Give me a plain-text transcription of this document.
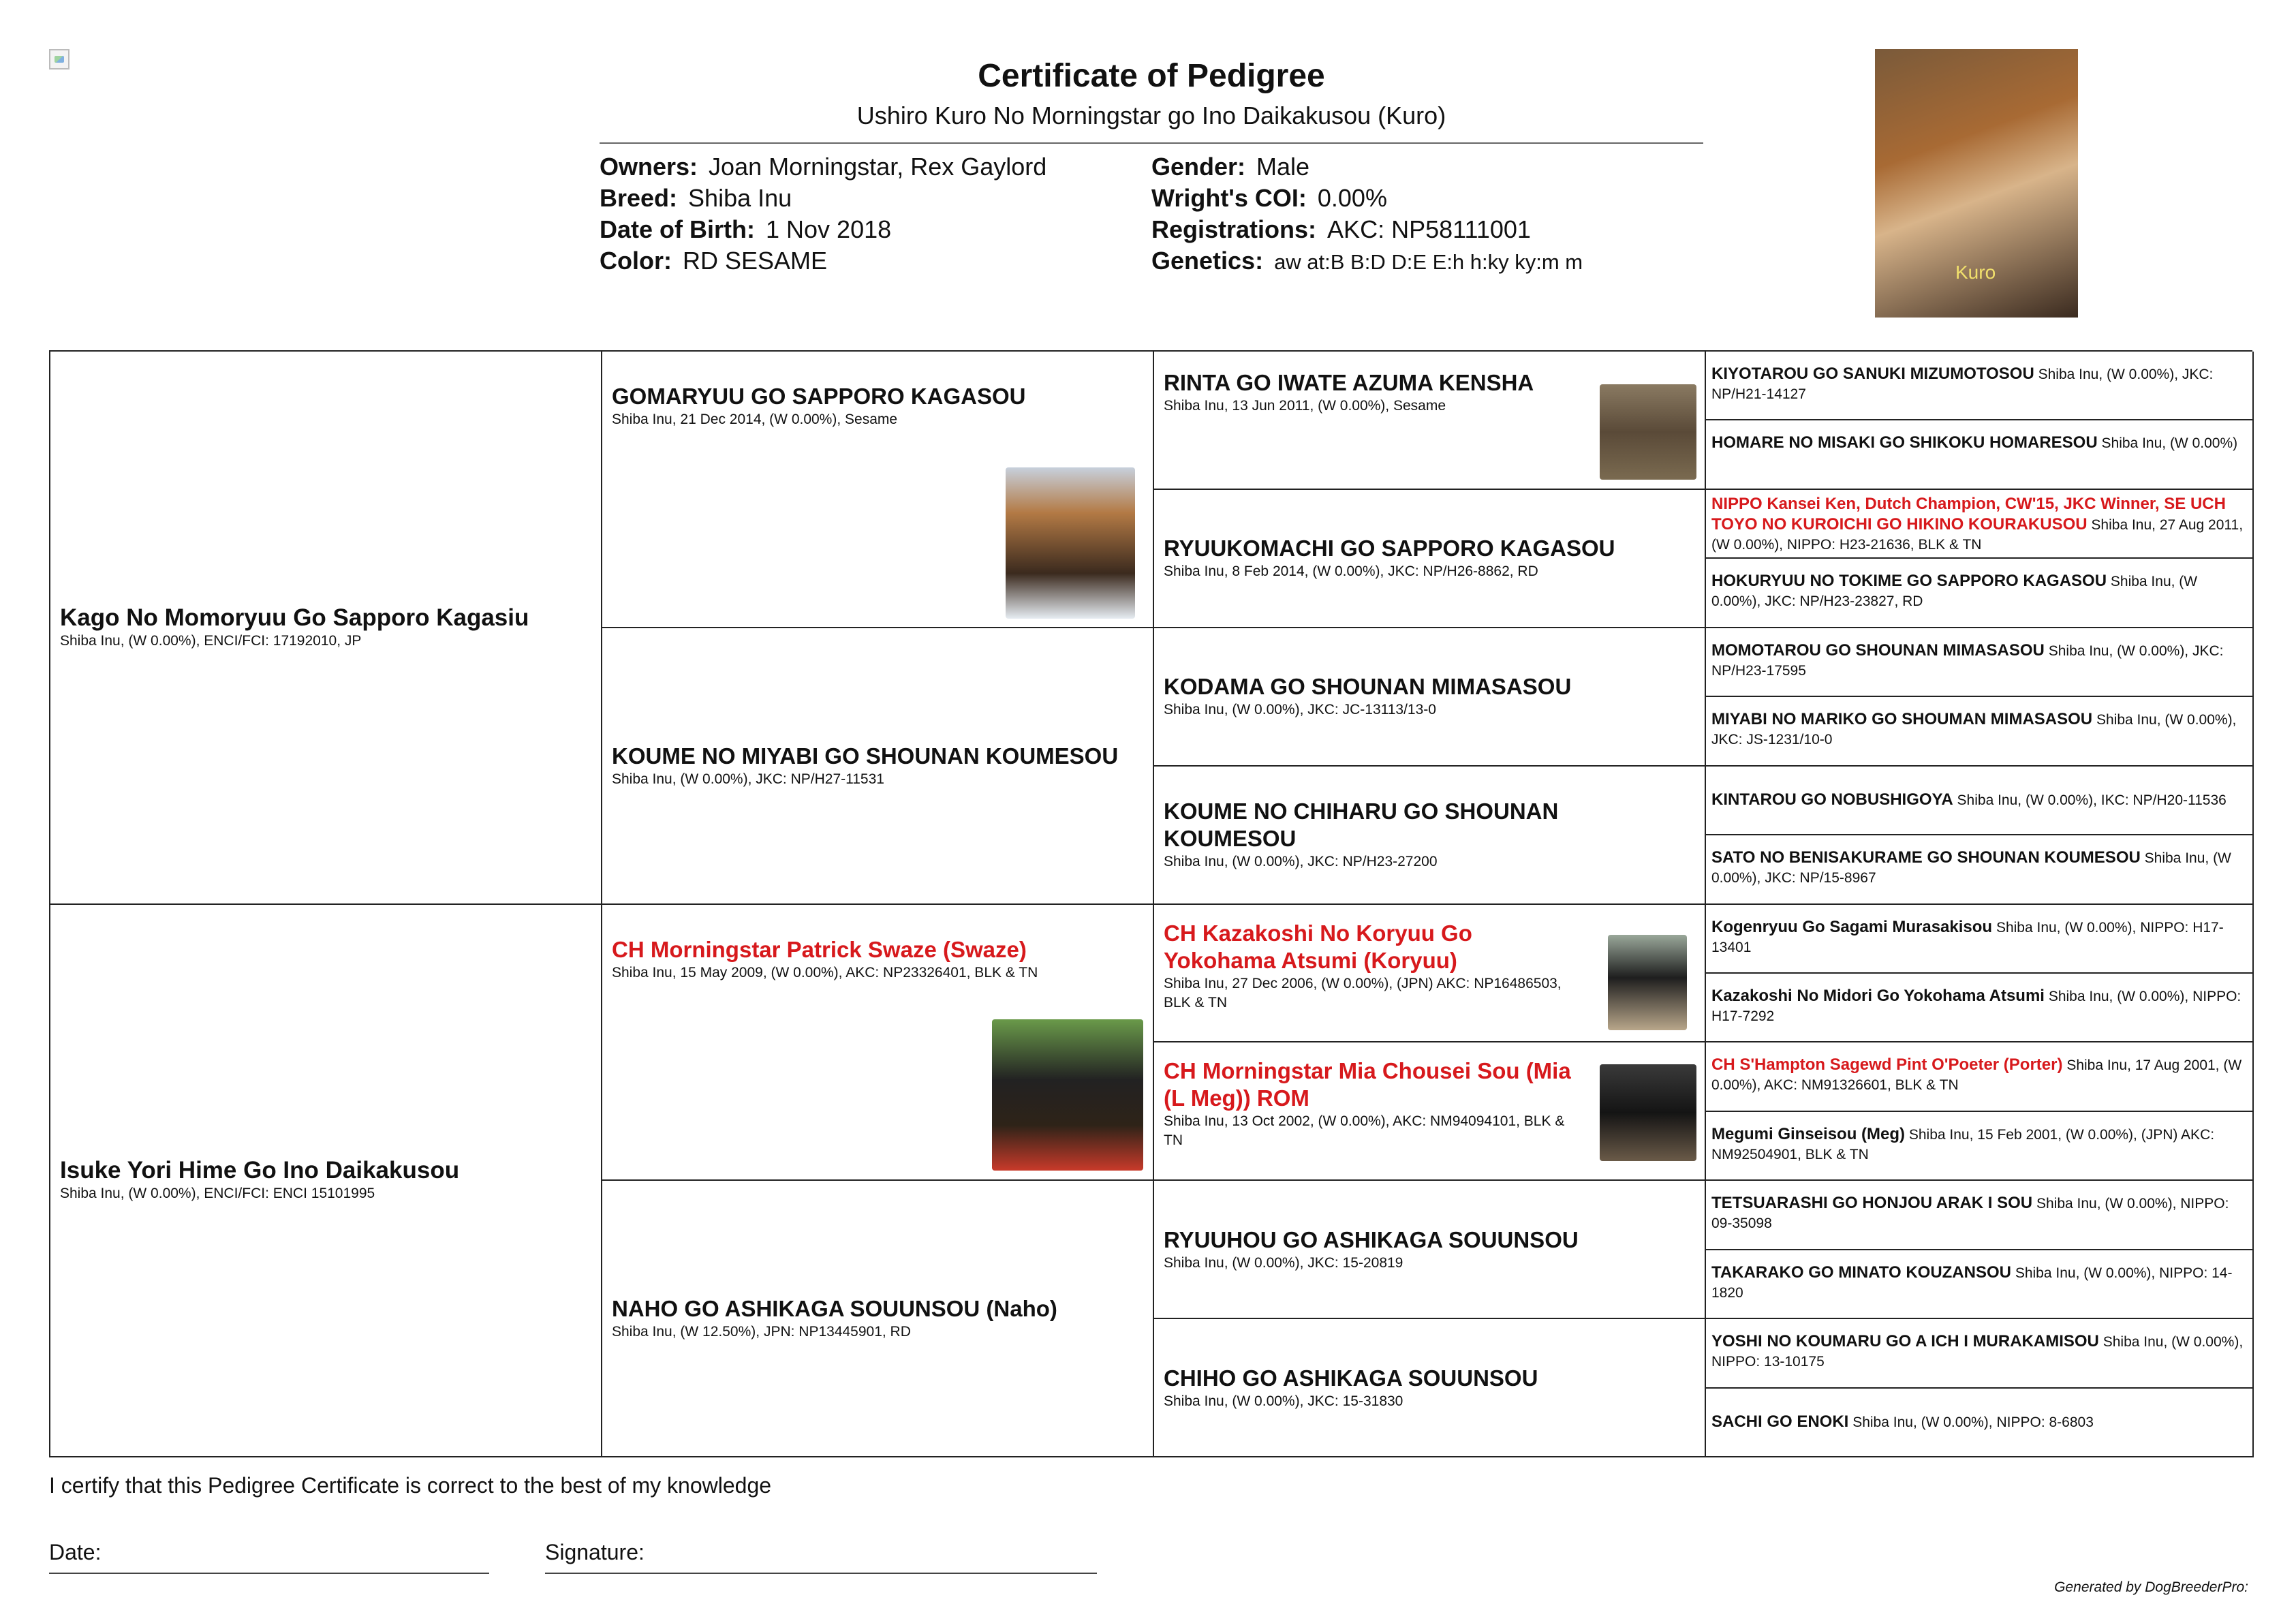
Certificate of Pedigree
Ushiro Kuro No Morningstar go Ino Daikakusou (Kuro)
Owners: Joan Morningstar, Rex Gaylord
Breed: Shiba Inu
Date of Birth: 1 Nov 2018
Color: RD SESAME
Gender: Male
Wright's COI: 0.00%
Registrations: AKC: NP58111001
Genetics: aw at:B B:D D:E E:h h:ky ky:m m	Kuro
Kago No Momoryuu Go Sapporo Kagasiu
Shiba Inu, (W 0.00%), ENCI/FCI: 17192010, JP
Isuke Yori Hime Go Ino Daikakusou
Shiba Inu, (W 0.00%), ENCI/FCI: ENCI 15101995
GOMARYUU GO SAPPORO KAGASOU
Shiba Inu, 21 Dec 2014, (W 0.00%), Sesame
KOUME NO MIYABI GO SHOUNAN KOUMESOU
Shiba Inu, (W 0.00%), JKC: NP/H27-11531
CH Morningstar Patrick Swaze (Swaze)
Shiba Inu, 15 May 2009, (W 0.00%), AKC: NP23326401, BLK & TN
NAHO GO ASHIKAGA SOUUNSOU (Naho)
Shiba Inu, (W 12.50%), JPN: NP13445901, RD
RINTA GO IWATE AZUMA KENSHA
Shiba Inu, 13 Jun 2011, (W 0.00%), Sesame
RYUUKOMACHI GO SAPPORO KAGASOU
Shiba Inu, 8 Feb 2014, (W 0.00%), JKC: NP/H26-8862, RD
KODAMA GO SHOUNAN MIMASASOU
Shiba Inu, (W 0.00%), JKC: JC-13113/13-0
KOUME NO CHIHARU GO SHOUNAN KOUMESOU
Shiba Inu, (W 0.00%), JKC: NP/H23-27200
CH Kazakoshi No Koryuu Go Yokohama Atsumi (Koryuu)
Shiba Inu, 27 Dec 2006, (W 0.00%), (JPN) AKC: NP16486503, BLK & TN
CH Morningstar Mia Chousei Sou (Mia (L Meg)) ROM
Shiba Inu, 13 Oct 2002, (W 0.00%), AKC: NM94094101, BLK & TN
RYUUHOU GO ASHIKAGA SOUUNSOU
Shiba Inu, (W 0.00%), JKC: 15-20819
CHIHO GO ASHIKAGA SOUUNSOU
Shiba Inu, (W 0.00%), JKC: 15-31830
KIYOTAROU GO SANUKI MIZUMOTOSOU Shiba Inu, (W 0.00%), JKC: NP/H21-14127
HOMARE NO MISAKI GO SHIKOKU HOMARESOU Shiba Inu, (W 0.00%)
NIPPO Kansei Ken, Dutch Champion, CW'15, JKC Winner, SE UCH TOYO NO KUROICHI GO HIKINO KOURAKUSOU Shiba Inu, 27 Aug 2011, (W 0.00%), NIPPO: H23-21636, BLK & TN
HOKURYUU NO TOKIME GO SAPPORO KAGASOU Shiba Inu, (W 0.00%), JKC: NP/H23-23827, RD
MOMOTAROU GO SHOUNAN MIMASASOU Shiba Inu, (W 0.00%), JKC: NP/H23-17595
MIYABI NO MARIKO GO SHOUMAN MIMASASOU Shiba Inu, (W 0.00%), JKC: JS-1231/10-0
KINTAROU GO NOBUSHIGOYA Shiba Inu, (W 0.00%), IKC: NP/H20-11536
SATO NO BENISAKURAME GO SHOUNAN KOUMESOU Shiba Inu, (W 0.00%), JKC: NP/15-8967
Kogenryuu Go Sagami Murasakisou Shiba Inu, (W 0.00%), NIPPO: H17-13401
Kazakoshi No Midori Go Yokohama Atsumi Shiba Inu, (W 0.00%), NIPPO: H17-7292
CH S'Hampton Sagewd Pint O'Poeter (Porter) Shiba Inu, 17 Aug 2001, (W 0.00%), AKC: NM91326601, BLK & TN
Megumi Ginseisou (Meg) Shiba Inu, 15 Feb 2001, (W 0.00%), (JPN) AKC: NM92504901, BLK & TN
TETSUARASHI GO HONJOU ARAK I SOU Shiba Inu, (W 0.00%), NIPPO: 09-35098
TAKARAKO GO MINATO KOUZANSOU Shiba Inu, (W 0.00%), NIPPO: 14-1820
YOSHI NO KOUMARU GO A ICH I MURAKAMISOU Shiba Inu, (W 0.00%), NIPPO: 13-10175
SACHI GO ENOKI Shiba Inu, (W 0.00%), NIPPO: 8-6803
I certify that this Pedigree Certificate is correct to the best of my knowledge
Date:	Signature:
Generated by DogBreederPro:
